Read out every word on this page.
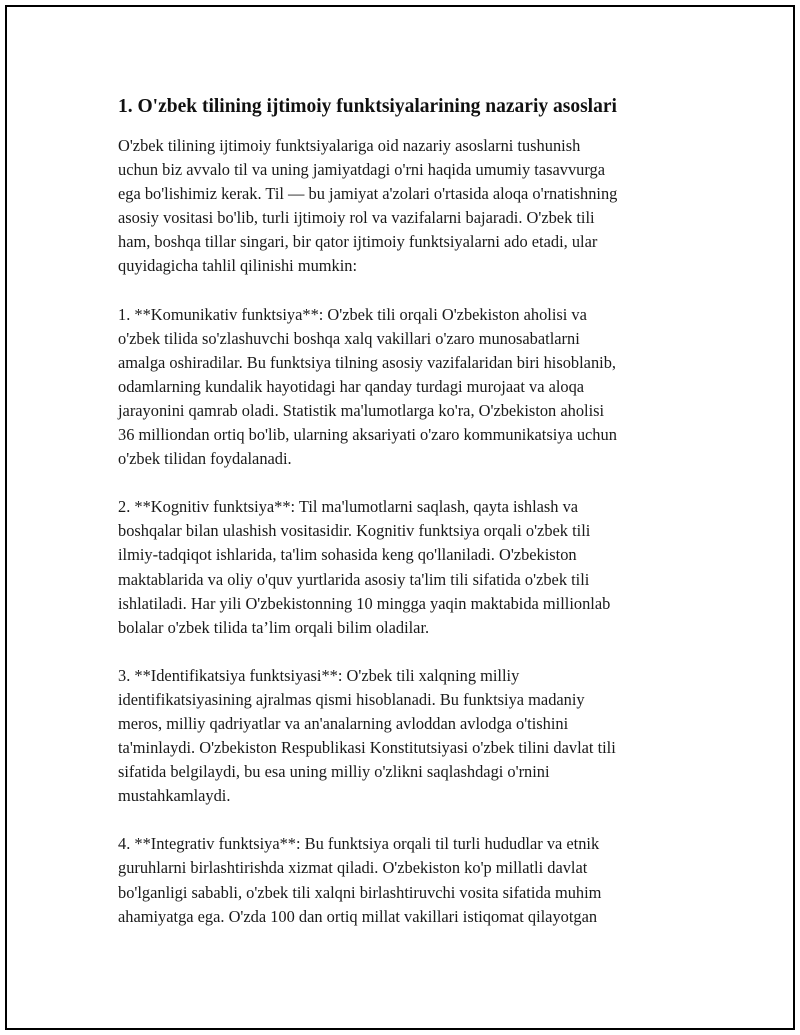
1. O'zbek tilining ijtimoiy funktsiyalarining nazariy asoslari

O'zbek tilining ijtimoiy funktsiyalariga oid nazariy asoslarni tushunish
uchun biz avvalo til va uning jamiyatdagi o'rni haqida umumiy tasavvurga
ega bo'lishimiz kerak. Til — bu jamiyat a'zolari o'rtasida aloqa o'rnatishning
asosiy vositasi bo'lib, turli ijtimoiy rol va vazifalarni bajaradi. O'zbek tili
ham, boshqa tillar singari, bir qator ijtimoiy funktsiyalarni ado etadi, ular
quyidagicha tahlil qilinishi mumkin:

1. **Komunikativ funktsiya**: O'zbek tili orqali O'zbekiston aholisi va
o'zbek tilida so'zlashuvchi boshqa xalq vakillari o'zaro munosabatlarni
amalga oshiradilar. Bu funktsiya tilning asosiy vazifalaridan biri hisoblanib,
odamlarning kundalik hayotidagi har qanday turdagi murojaat va aloqa
jarayonini qamrab oladi. Statistik ma'lumotlarga ko'ra, O'zbekiston aholisi
36 milliondan ortiq bo'lib, ularning aksariyati o'zaro kommunikatsiya uchun
o'zbek tilidan foydalanadi.

2. **Kognitiv funktsiya**: Til ma'lumotlarni saqlash, qayta ishlash va
boshqalar bilan ulashish vositasidir. Kognitiv funktsiya orqali o'zbek tili
ilmiy-tadqiqot ishlarida, ta'lim sohasida keng qo'llaniladi. O'zbekiston
maktablarida va oliy o'quv yurtlarida asosiy ta'lim tili sifatida o'zbek tili
ishlatiladi. Har yili O'zbekistonning 10 mingga yaqin maktabida millionlab
bolalar o'zbek tilida ta’lim orqali bilim oladilar.

3. **Identifikatsiya funktsiyasi**: O'zbek tili xalqning milliy
identifikatsiyasining ajralmas qismi hisoblanadi. Bu funktsiya madaniy
meros, milliy qadriyatlar va an'analarning avloddan avlodga o'tishini
ta'minlaydi. O'zbekiston Respublikasi Konstitutsiyasi o'zbek tilini davlat tili
sifatida belgilaydi, bu esa uning milliy o'zlikni saqlashdagi o'rnini
mustahkamlaydi.

4. **Integrativ funktsiya**: Bu funktsiya orqali til turli hududlar va etnik
guruhlarni birlashtirishda xizmat qiladi. O'zbekiston ko'p millatli davlat
bo'lganligi sababli, o'zbek tili xalqni birlashtiruvchi vosita sifatida muhim
ahamiyatga ega. O'zda 100 dan ortiq millat vakillari istiqomat qilayotgan
